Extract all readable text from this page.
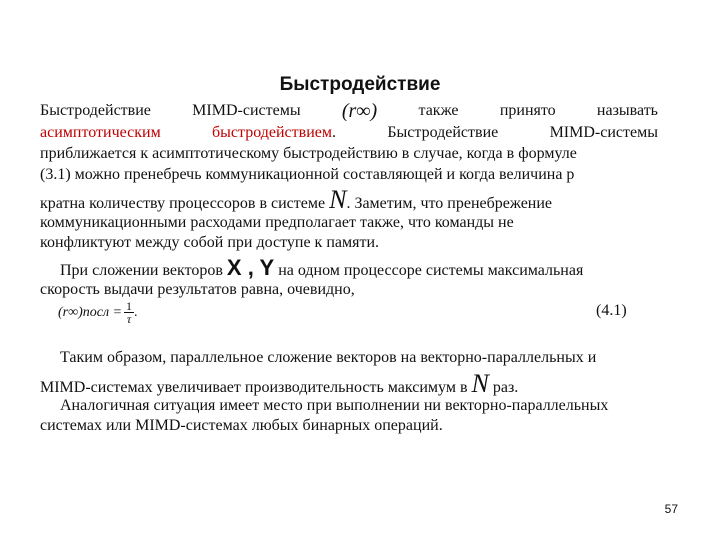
Быстродействие
Быстродействие	MIMD-системы (r∞)	также	принято	называть
асимптотическим	быстродействием.	Быстродействие	MIMD-системы
приближается к асимптотическому быстродействию в случае, когда в формуле
(3.1) можно пренебречь коммуникационной составляющей и когда величина p
кратна количеству процессоров в системе N. Заметим, что пренебрежение
коммуникационными расходами предполагает также, что команды не
конфликтуют между собой при доступе к памяти.
При сложении векторов X , Y на одном процессоре системы максимальная
скорость выдачи результатов равна, очевидно,
(r∞)посл = $\frac{1}{\tau}$ .	(4.1)
Таким образом, параллельное сложение векторов на векторно-параллельных и
MIMD-системах увеличивает производительность максимум в N раз.
Аналогичная ситуация имеет место при выполнении ни векторно-параллельных
системах или MIMD-системах любых бинарных операций.
57
